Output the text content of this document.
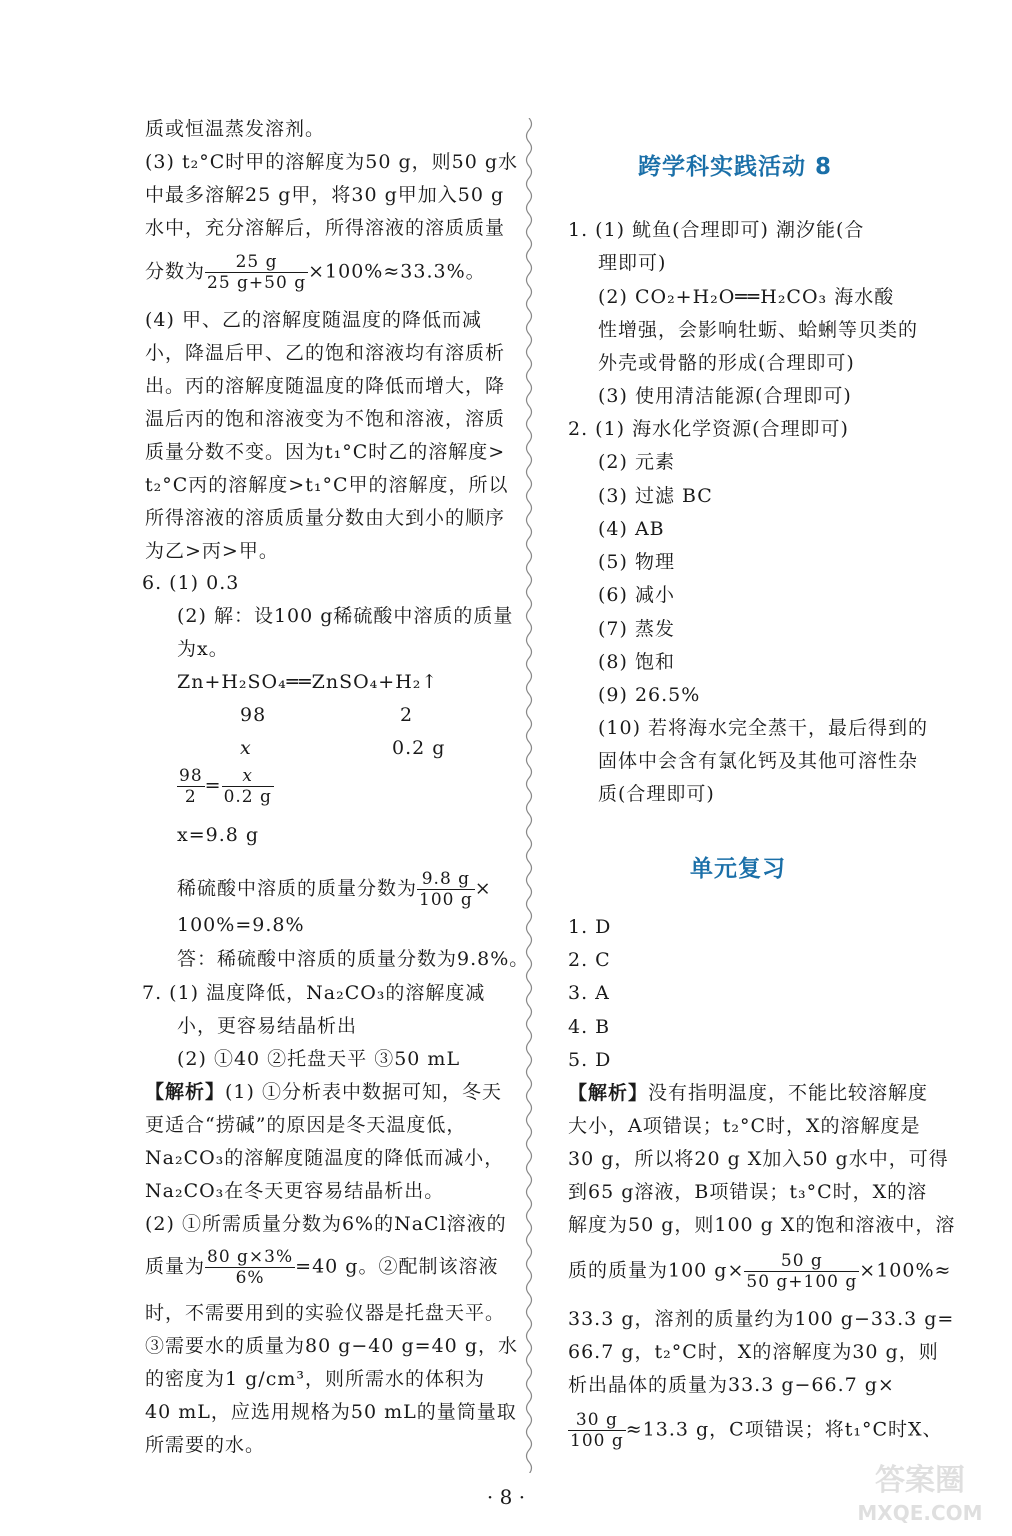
质或恒温蒸发溶剂。
(3) t₂°C时甲的溶解度为50 g，则50 g水
中最多溶解25 g甲，将30 g甲加入50 g
水中，充分溶解后，所得溶液的溶质质量
分数为 $\frac{25 g}{25 g+50 g} \times 100\%\approx 33.3\%$。
(4) 甲、乙的溶解度随温度的降低而减
小，降温后甲、乙的饱和溶液均有溶质析
出。丙的溶解度随温度的降低而增大，降
温后丙的饱和溶液变为不饱和溶液，溶质
质量分数不变。因为t₁°C时乙的溶解度>
t₂°C丙的溶解度>t₁°C甲的溶解度，所以
所得溶液的溶质质量分数由大到小的顺序
为乙>丙>甲。
6. (1) 0.3
(2) 解：设100 g稀硫酸中溶质的质量
为x。
Zn+H₂SO₄══ZnSO₄+H₂↑
98	2
x	0.2 g
$\frac{98}{2} = \frac{x}{0.2 g}$
x=9.8 g
稀硫酸中溶质的质量分数为 $\frac{9.8 g}{100 g}$ ×
100%=9.8%
答：稀硫酸中溶质的质量分数为9.8%。
7. (1) 温度降低，Na₂CO₃的溶解度减
小，更容易结晶析出
(2) ①40 ②托盘天平 ③50 mL
【解析】(1) ①分析表中数据可知，冬天
更适合“捞碱”的原因是冬天温度低，
Na₂CO₃的溶解度随温度的降低而减小，
Na₂CO₃在冬天更容易结晶析出。
(2) ①所需质量分数为6%的NaCl溶液的
质量为 $\frac{80 g\times 3\%}{6\%} =40$ g。②配制该溶液
时，不需要用到的实验仪器是托盘天平。
③需要水的质量为80 g−40 g=40 g，水
的密度为1 g/cm³，则所需水的体积为
40 mL，应选用规格为50 mL的量筒量取
所需要的水。
跨学科实践活动 8
1. (1) 鱿鱼(合理即可) 潮汐能(合
理即可)
(2) CO₂+H₂O══H₂CO₃ 海水酸
性增强，会影响牡蛎、蛤蜊等贝类的
外壳或骨骼的形成(合理即可)
(3) 使用清洁能源(合理即可)
2. (1) 海水化学资源(合理即可)
(2) 元素
(3) 过滤 BC
(4) AB
(5) 物理
(6) 减小
(7) 蒸发
(8) 饱和
(9) 26.5%
(10) 若将海水完全蒸干，最后得到的
固体中会含有氯化钙及其他可溶性杂
质(合理即可)
单元复习
1. D
2. C
3. A
4. B
5. D
【解析】没有指明温度，不能比较溶解度
大小，A项错误；t₂°C时，X的溶解度是
30 g，所以将20 g X加入50 g水中，可得
到65 g溶液，B项错误；t₃°C时，X的溶
解度为50 g，则100 g X的饱和溶液中，溶
质的质量为100 $g\times \frac{50 g}{50 g+100 g} \times 100\%\approx$
33.3 g，溶剂的质量约为100 g−33.3 g=
66.7 g，t₂°C时，X的溶解度为30 g，则
析出晶体的质量为33.3 g−66.7 g×
$\frac{30 g}{100 g} \approx 13.3$ g，C项错误；将t₁°C时X、
· 8 ·	答案圈
MXQE.COM
